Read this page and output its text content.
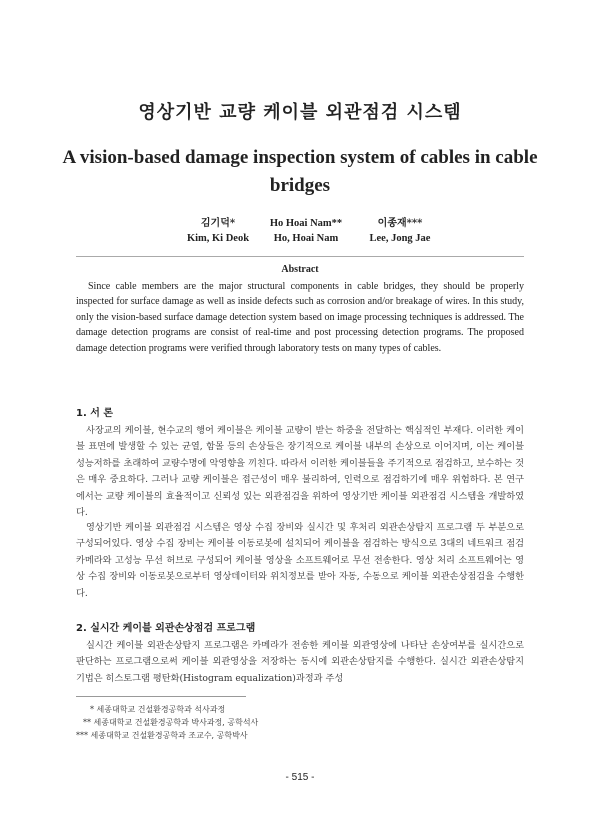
영상기반 교량 케이블 외관점검 시스템
A vision-based damage inspection system of cables in cable bridges
김기덕*
Kim, Ki Deok
Ho Hoai Nam**
Ho, Hoai Nam
이종재***
Lee, Jong Jae
Abstract

Since cable members are the major structural components in cable bridges, they should be properly inspected for surface damage as well as inside defects such as corrosion and/or breakage of wires. In this study, only the vision-based surface damage detection system based on image processing techniques is addressed. The damage detection programs are consist of real-time and post processing detection programs. The proposed damage detection programs were verified through laboratory tests on many types of cables.

1. 서 론

사장교의 케이블, 현수교의 행어 케이블은 케이블 교량이 받는 하중을 전달하는 핵심적인 부재다. 이러한 케이블 표면에 발생할 수 있는 균열, 함몰 등의 손상들은 장기적으로 케이블 내부의 손상으로 이어지며, 이는 케이블 성능저하를 초래하여 교량수명에 악영향을 끼친다. 따라서 이러한 케이블들을 주기적으로 점검하고, 보수하는 것은 매우 중요하다. 그러나 교량 케이블은 접근성이 매우 불리하여, 인력으로 점검하기에 매우 위험하다. 본 연구에서는 교량 케이블의 효율적이고 신뢰성 있는 외관점검을 위하여 영상기반 케이블 외관점검 시스템을 개발하였다.

영상기반 케이블 외관점검 시스템은 영상 수집 장비와 실시간 및 후처리 외관손상탐지 프로그램 두 부분으로 구성되어있다. 영상 수집 장비는 케이블 이동로봇에 설치되어 케이블을 점검하는 방식으로 3대의 네트워크 점검 카메라와 고성능 무선 허브로 구성되어 케이블 영상을 소프트웨어로 무선 전송한다. 영상 처리 소프트웨어는 영상 수집 장비와 이동로봇으로부터 영상데이터와 위치정보를 받아 자동, 수동으로 케이블 외관손상점검을 수행한다.

2. 실시간 케이블 외관손상점검 프로그램

실시간 케이블 외관손상탐지 프로그램은 카메라가 전송한 케이블 외관영상에 나타난 손상여부를 실시간으로 판단하는 프로그램으로써 케이블 외관영상을 저장하는 동시에 외관손상탐지를 수행한다. 실시간 외관손상탐지 기법은 히스토그램 평탄화(Histogram equalization)과정과 주성

* 세종대학교 건설환경공학과 석사과정
** 세종대학교 건설환경공학과 박사과정, 공학석사
*** 세종대학교 건설환경공학과 조교수, 공학박사
- 515 -
